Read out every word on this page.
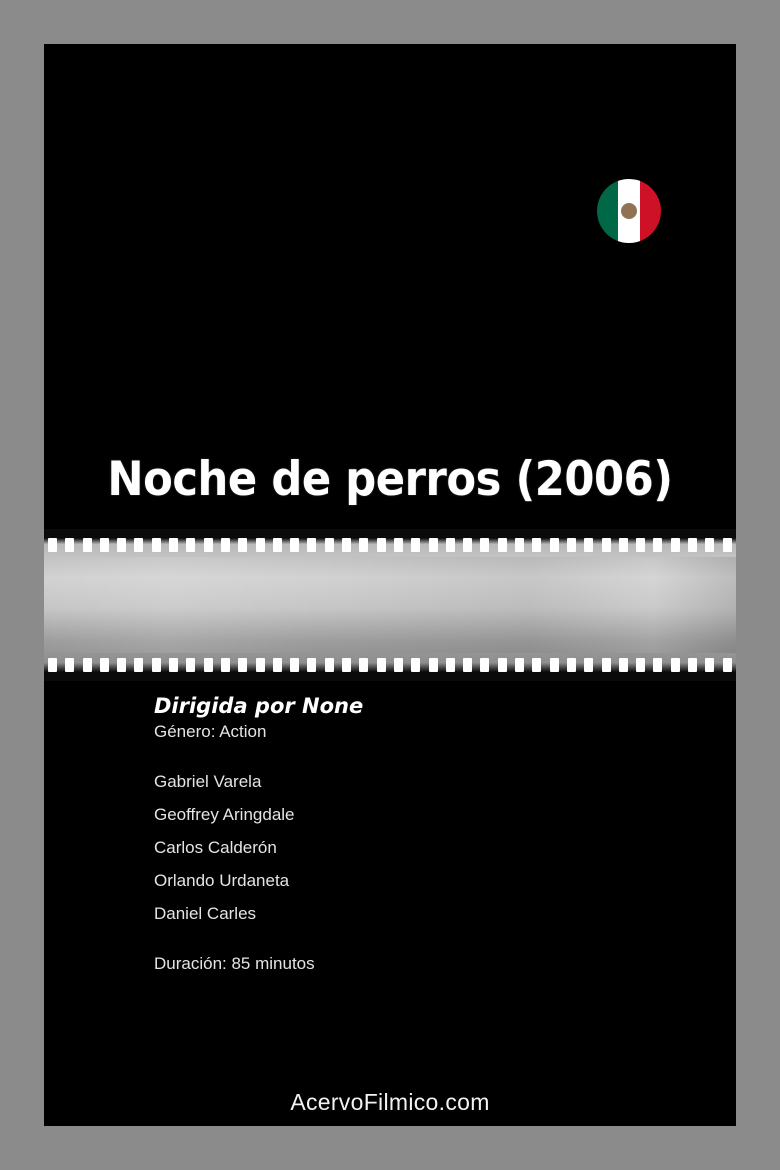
Noche de perros (2006)

Dirigida por None

Género: Action

Gabriel Varela

Geoffrey Aringdale

Carlos Calderón

Orlando Urdaneta

Daniel Carles

Duración: 85 minutos

AcervoFilmico.com
